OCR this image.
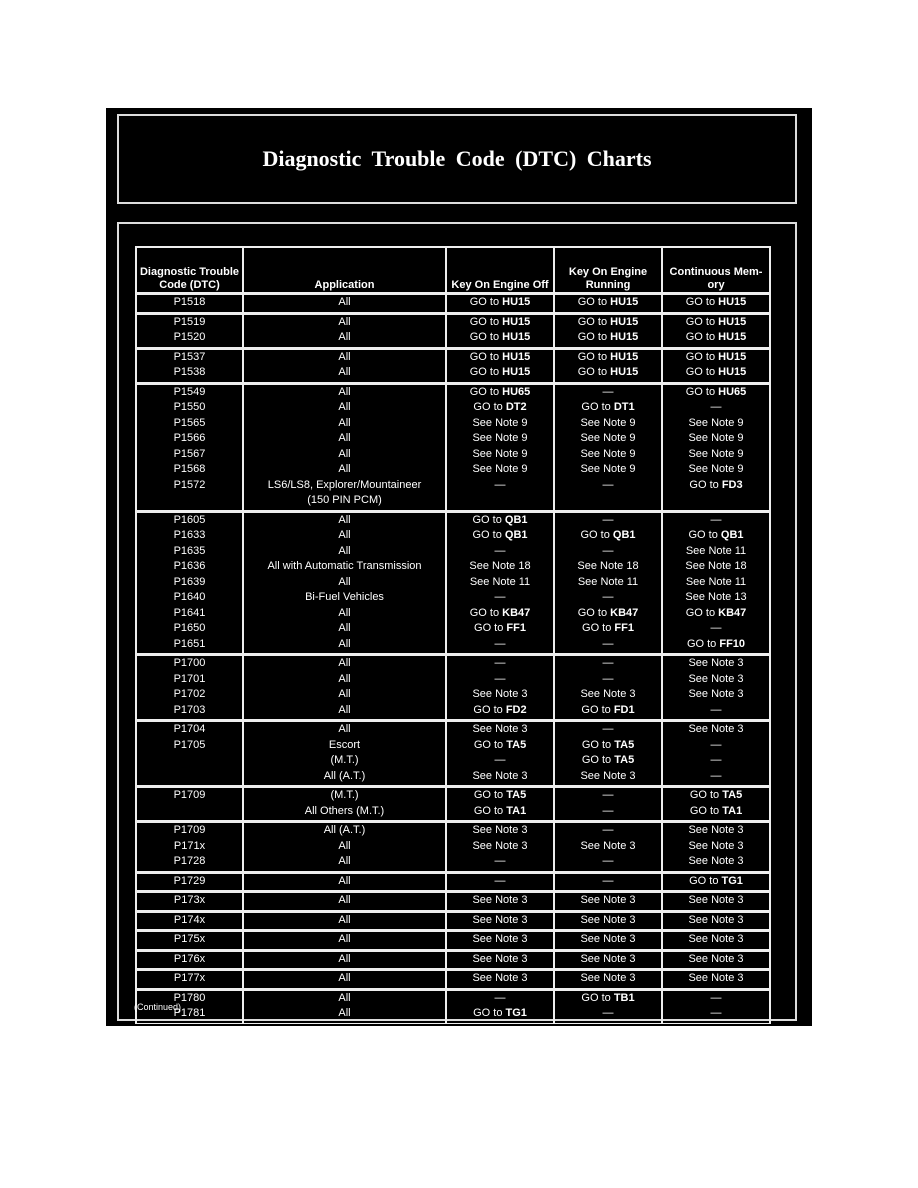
Diagnostic Trouble Code (DTC) Charts
Diagnostic Trouble Code (DTC)	Application	Key On Engine Off	Key On Engine Running	Continuous Mem- ory
P1518	All	GO to HU15	GO to HU15	GO to HU15
P1519	All	GO to HU15	GO to HU15	GO to HU15
P1520	All	GO to HU15	GO to HU15	GO to HU15
P1537	All	GO to HU15	GO to HU15	GO to HU15
P1538	All	GO to HU15	GO to HU15	GO to HU15
P1549	All	GO to HU65	—	GO to HU65
P1550	All	GO to DT2	GO to DT1	—
P1565	All	See Note 9	See Note 9	See Note 9
P1566	All	See Note 9	See Note 9	See Note 9
P1567	All	See Note 9	See Note 9	See Note 9
P1568	All	See Note 9	See Note 9	See Note 9
P1572	LS6/LS8, Explorer/Mountaineer	—	—	GO to FD3
	(150 PIN PCM)			
P1605	All	GO to QB1	—	—
P1633	All	GO to QB1	GO to QB1	GO to QB1
P1635	All	—	—	See Note 11
P1636	All with Automatic Transmission	See Note 18	See Note 18	See Note 18
P1639	All	See Note 11	See Note 11	See Note 11
P1640	Bi-Fuel Vehicles	—	—	See Note 13
P1641	All	GO to KB47	GO to KB47	GO to KB47
P1650	All	GO to FF1	GO to FF1	—
P1651	All	—	—	GO to FF10
P1700	All	—	—	See Note 3
P1701	All	—	—	See Note 3
P1702	All	See Note 3	See Note 3	See Note 3
P1703	All	GO to FD2	GO to FD1	—
P1704	All	See Note 3	—	See Note 3
P1705	Escort	GO to TA5	GO to TA5	—
	(M.T.)	—	GO to TA5	—
	All (A.T.)	See Note 3	See Note 3	—
P1709	(M.T.)	GO to TA5	—	GO to TA5
	All Others (M.T.)	GO to TA1	—	GO to TA1
P1709	All (A.T.)	See Note 3	—	See Note 3
P171x	All	See Note 3	See Note 3	See Note 3
P1728	All	—	—	See Note 3
P1729	All	—	—	GO to TG1
P173x	All	See Note 3	See Note 3	See Note 3
P174x	All	See Note 3	See Note 3	See Note 3
P175x	All	See Note 3	See Note 3	See Note 3
P176x	All	See Note 3	See Note 3	See Note 3
P177x	All	See Note 3	See Note 3	See Note 3
P1780	All	—	GO to TB1	—
P1781	All	GO to TG1	—	—
(Continued)
